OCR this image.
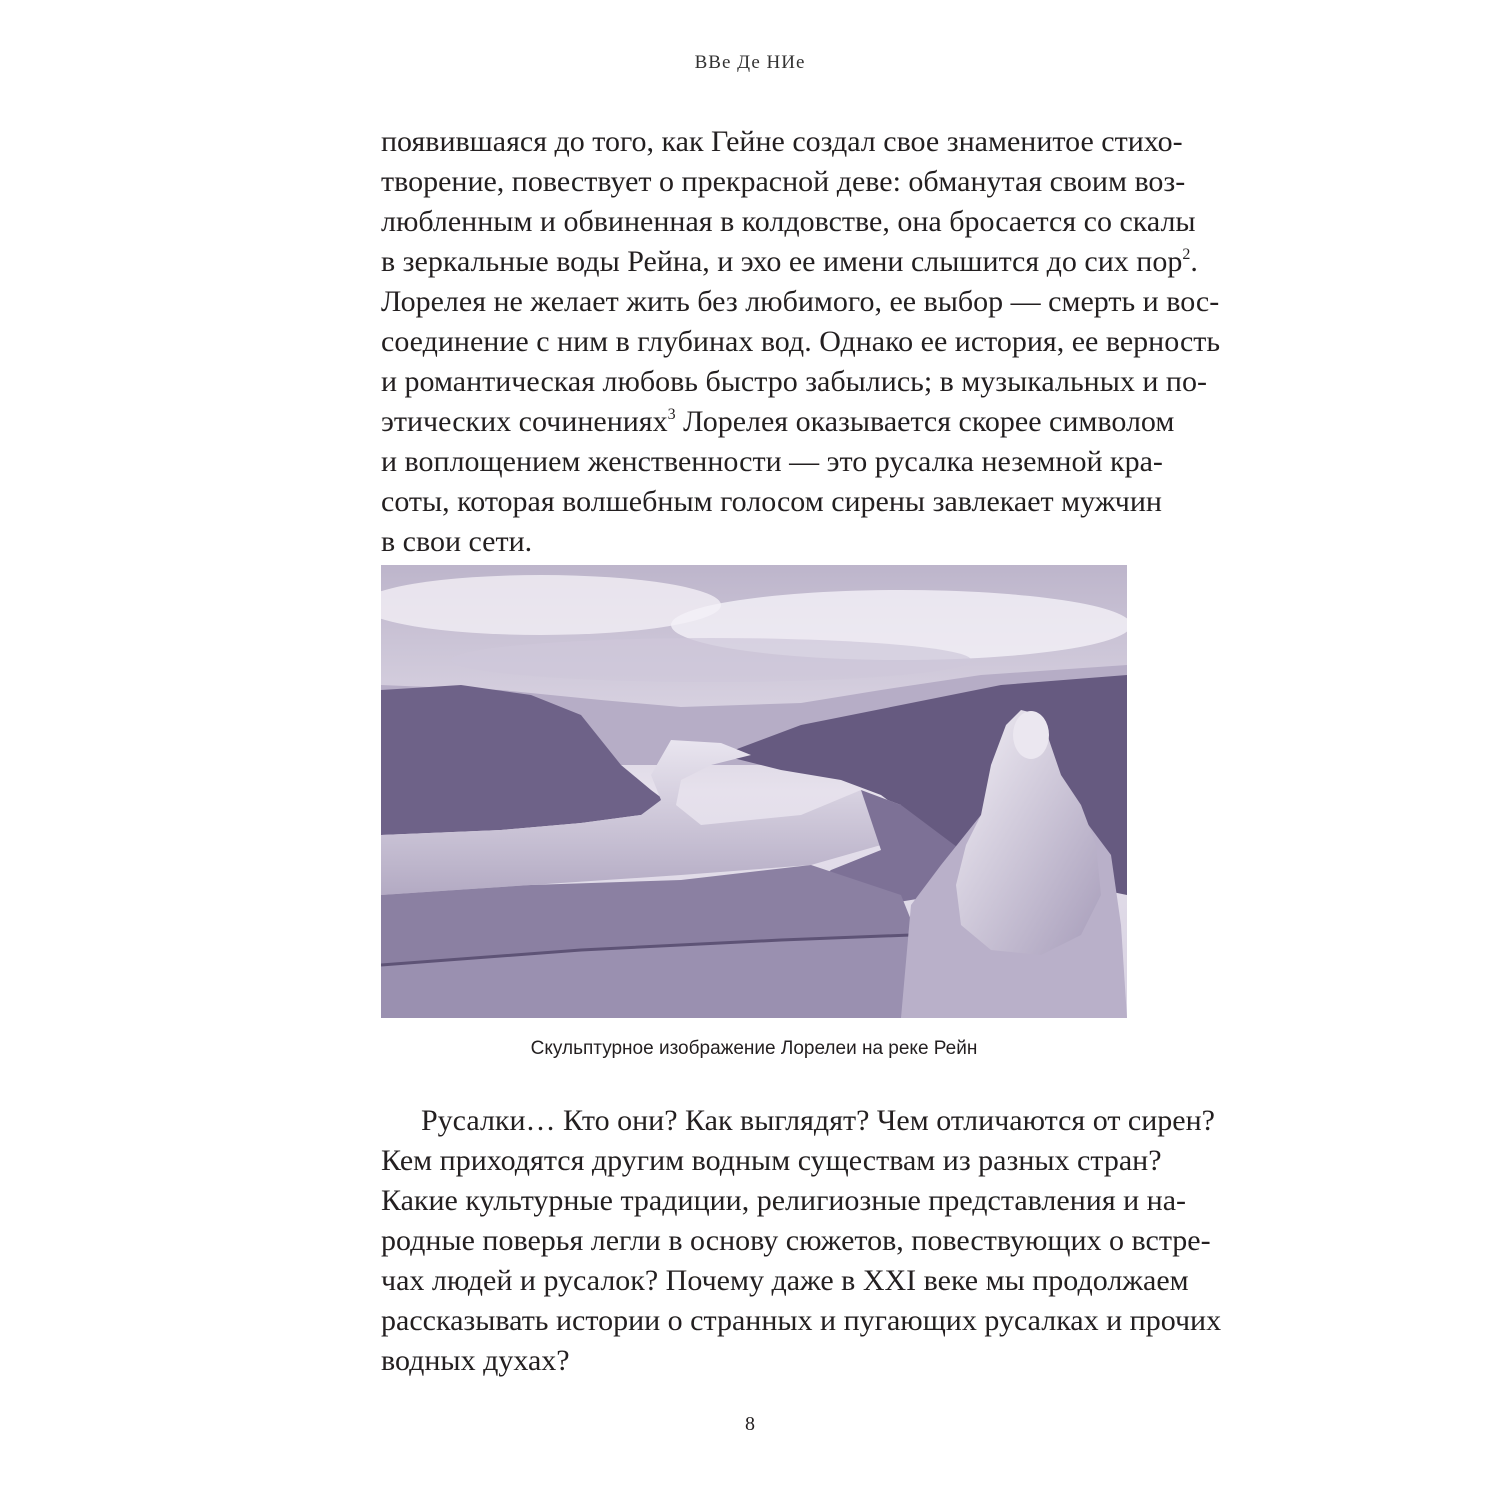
ВВе Де НИе
появившаяся до того, как Гейне создал свое знаменитое стихо-
творение, повествует о прекрасной деве: обманутая своим воз-
любленным и обвиненная в колдовстве, она бросается со скалы
в зеркальные воды Рейна, и эхо ее имени слышится до сих пор$^2$.
Лорелея не желает жить без любимого, ее выбор — смерть и вос-
соединение с ним в глубинах вод. Однако ее история, ее верность
и романтическая любовь быстро забылись; в музыкальных и по-
этических сочинениях$^3$ Лорелея оказывается скорее символом
и воплощением женственности — это русалка неземной кра-
соты, которая волшебным голосом сирены завлекает мужчин
в свои сети.
Скульптурное изображение Лорелеи на реке Рейн
Русалки… Кто они? Как выглядят? Чем отличаются от сирен?
Кем приходятся другим водным существам из разных стран?
Какие культурные традиции, религиозные представления и на-
родные поверья легли в основу сюжетов, повествующих о встре-
чах людей и русалок? Почему даже в XXI веке мы продолжаем
рассказывать истории о странных и пугающих русалках и прочих
водных духах?
8
